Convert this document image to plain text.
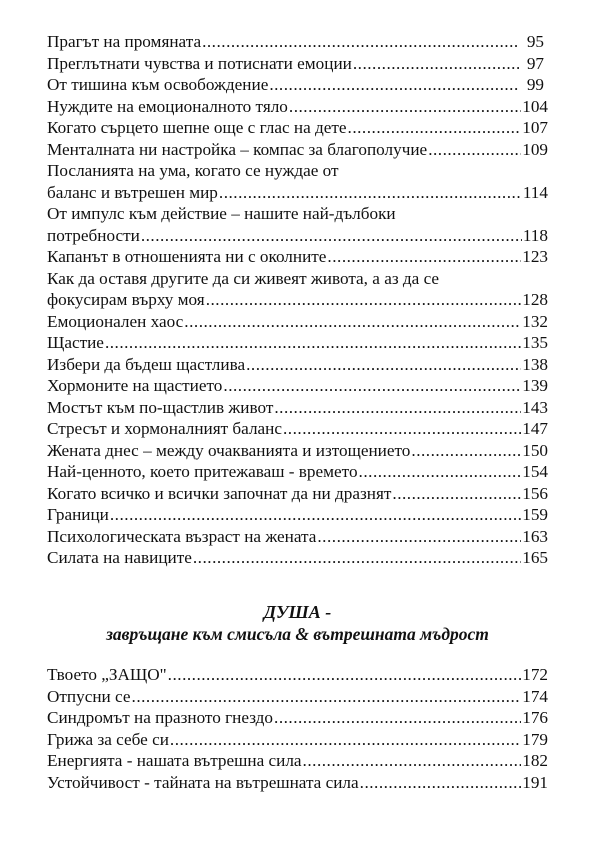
Прагът на промяната .....	95
Преглътнати чувства и потиснати емоции .....	97
От тишина към освобождение .....	99
Нуждите на емоционалното тяло .....	104
Когато сърцето шепне още с глас на дете .....	107
Менталната ни настройка – компас за благополучие .....	109
Посланията на ума, когато се нуждае от
баланс и вътрешен мир .....	114
От импулс към действие – нашите най-дълбоки
потребности .....	118
Капанът в отношенията ни с околните .....	123
Как да оставя другите да си живеят живота, а аз да се
фокусирам върху моя .....	128
Емоционален хаос .....	132
Щастие .....	135
Избери да бъдеш щастлива .....	138
Хормоните на щастието .....	139
Мостът към по-щастлив живот .....	143
Стресът и хормоналният баланс .....	147
Жената днес – между очакванията и изтощението .....	150
Най-ценното, което притежаваш - времето .....	154
Когато всичко и всички започнат да ни дразнят .....	156
Граници .....	159
Психологическата възраст на жената .....	163
Силата на навиците .....	165
ДУША -
завръщане към смисъла & вътрешната мъдрост
Твоето „ЗАЩО" .....	172
Отпусни се .....	174
Синдромът на празното гнездо .....	176
Грижа за себе си .....	179
Енергията - нашата вътрешна сила .....	182
Устойчивост - тайната на вътрешната сила .....	191
